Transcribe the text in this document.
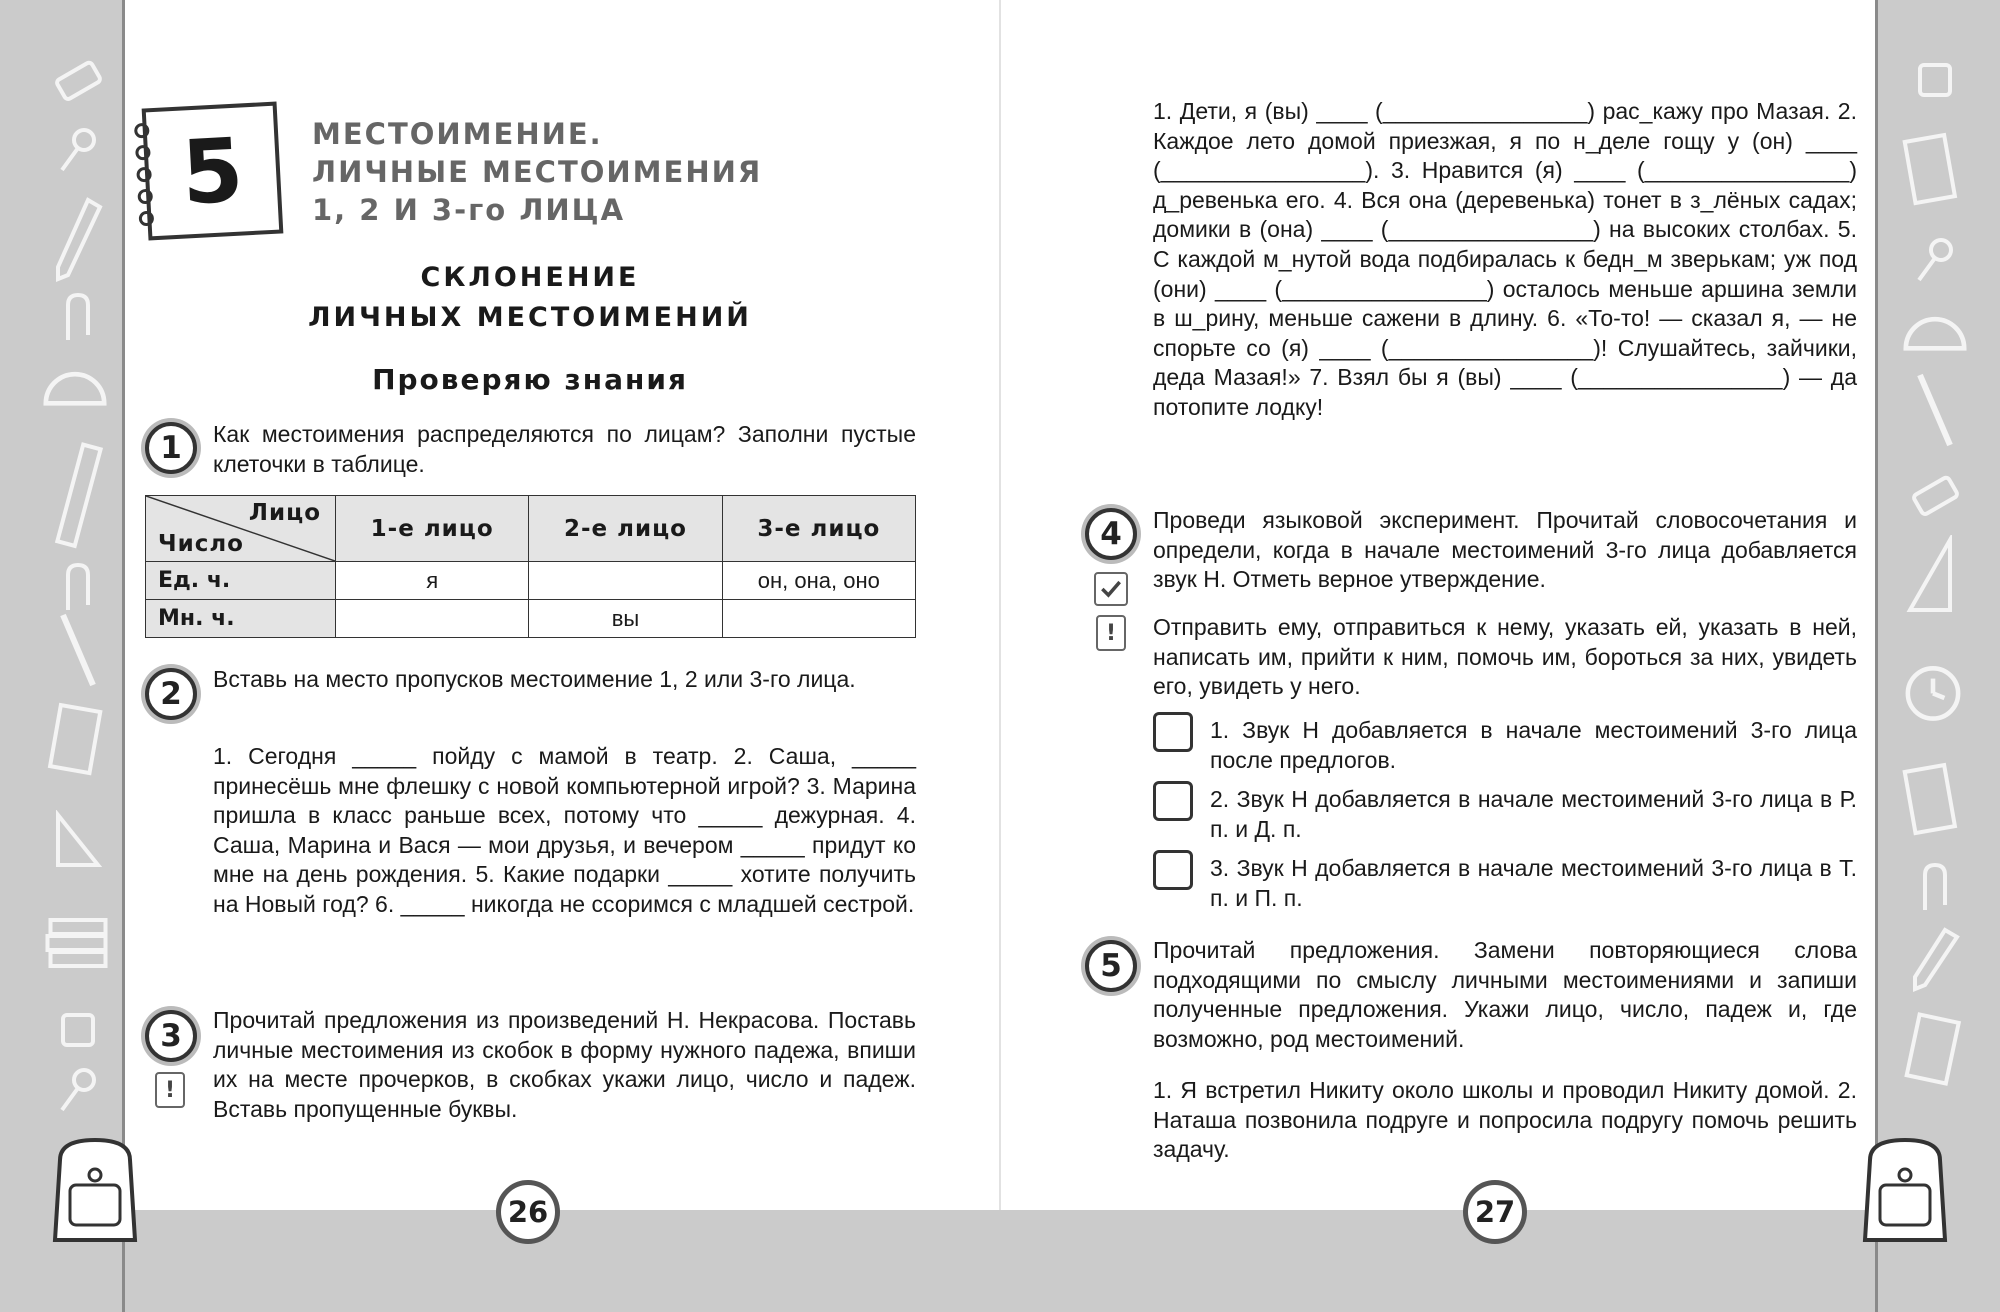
26	27
5 МЕСТОИМЕНИЕ.
ЛИЧНЫЕ МЕСТОИМЕНИЯ
1, 2 И 3-го ЛИЦА
СКЛОНЕНИЕ
ЛИЧНЫХ МЕСТОИМЕНИЙ
Проверяю знания
1	Как местоимения распределяются по лицам? Заполни пустые клеточки в таблице.
Лицо
Число	1-е лицо	2-е лицо	3-е лицо
Ед. ч.	я		он, она, оно
Мн. ч.		вы	
2	Вставь на место пропусков местоимение 1, 2 или 3-го лица.
1. Сегодня _____ пойду с мамой в театр. 2. Саша, _____ принесёшь мне флешку с новой компьютерной игрой? 3. Марина пришла в класс раньше всех, потому что _____ дежурная. 4. Саша, Марина и Вася — мои друзья, и вечером _____ придут ко мне на день рождения. 5. Какие подарки _____ хотите получить на Новый год? 6. _____ никогда не ссоримся с младшей сестрой.
3
!
Прочитай предложения из произведений Н. Некрасова. Поставь личные местоимения из скобок в форму нужного падежа, впиши их на месте прочерков, в скобках укажи лицо, число и падеж. Вставь пропущенные буквы.
1. Дети, я (вы) ____ (________________) рас_кажу про Мазая. 2. Каждое лето домой приезжая, я по н_деле гощу у (он) ____ (________________). 3. Нравится (я) ____ (________________) д_ревенька его. 4. Вся она (деревенька) тонет в з_лёных садах; домики в (она) ____ (________________) на высоких столбах. 5. С каждой м_нутой вода подбиралась к бедн_м зверькам; уж под (они) ____ (________________) осталось меньше аршина земли в ш_рину, меньше сажени в длину. 6. «То-то! — сказал я, — не спорьте со (я) ____ (________________)! Слушайтесь, зайчики, деда Мазая!» 7. Взял бы я (вы) ____ (________________) — да потопите лодку!
4
!
Проведи языковой эксперимент. Прочитай словосочетания и определи, когда в начале местоимений 3-го лица добавляется звук Н. Отметь верное утверждение.
Отправить ему, отправиться к нему, указать ей, указать в ней, написать им, прийти к ним, помочь им, бороться за них, увидеть его, увидеть у него.
1. Звук Н добавляется в начале местоимений 3-го лица после предлогов.
2. Звук Н добавляется в начале местоимений 3-го лица в Р. п. и Д. п.
3. Звук Н добавляется в начале местоимений 3-го лица в Т. п. и П. п.
5	Прочитай предложения. Замени повторяющиеся слова подходящими по смыслу личными местоимениями и запиши полученные предложения. Укажи лицо, число, падеж и, где возможно, род местоимений.
1. Я встретил Никиту около школы и проводил Никиту домой. 2. Наташа позвонила подруге и попросила подругу помочь решить задачу.
